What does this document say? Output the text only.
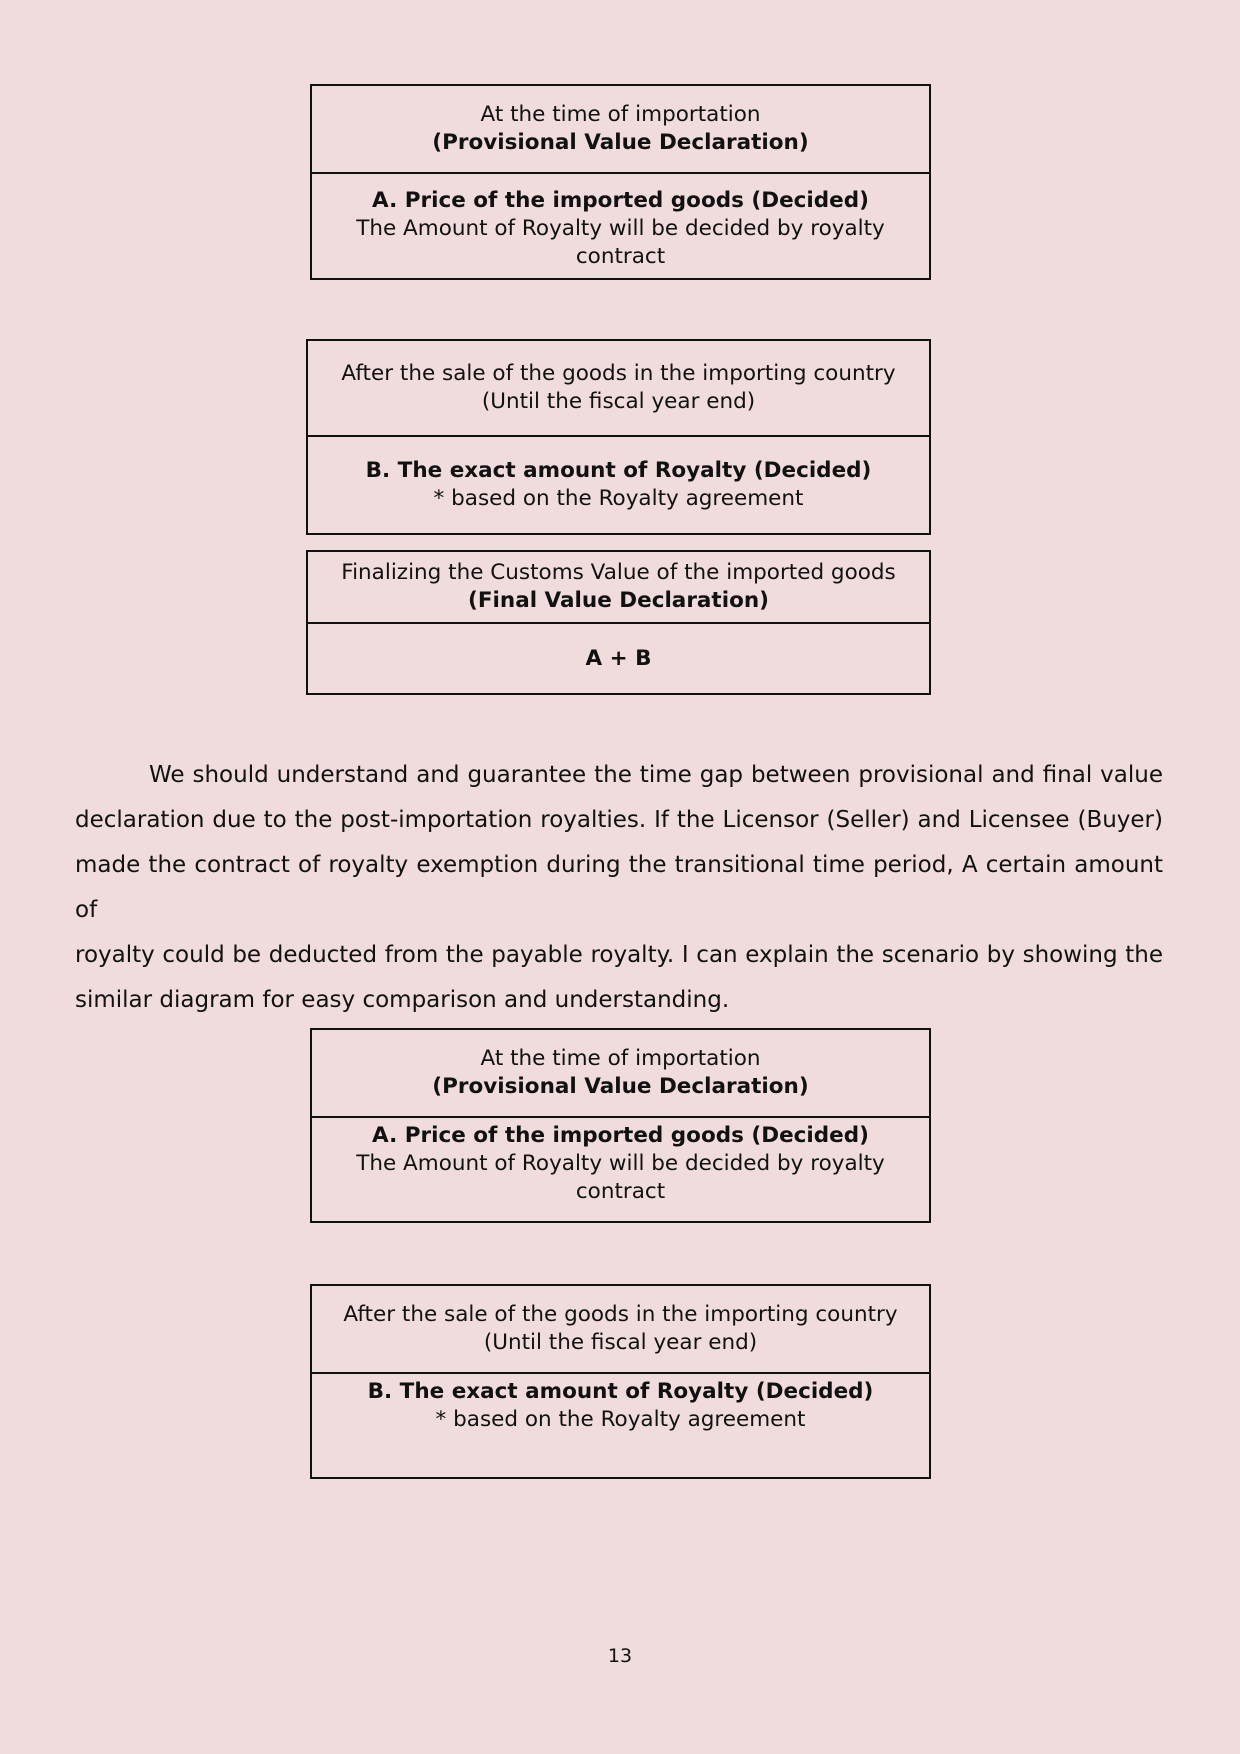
At the time of importation
(Provisional Value Declaration)
A. Price of the imported goods (Decided)
The Amount of Royalty will be decided by royalty contract
After the sale of the goods in the importing country
(Until the fiscal year end)
B. The exact amount of Royalty (Decided)
* based on the Royalty agreement
Finalizing the Customs Value of the imported goods
(Final Value Declaration)
A + B
We should understand and guarantee the time gap between provisional and final value
declaration due to the post-importation royalties. If the Licensor (Seller) and Licensee (Buyer)
made the contract of royalty exemption during the transitional time period, A certain amount of
royalty could be deducted from the payable royalty. I can explain the scenario by showing the
similar diagram for easy comparison and understanding.
At the time of importation
(Provisional Value Declaration)
A. Price of the imported goods (Decided)
The Amount of Royalty will be decided by royalty contract
After the sale of the goods in the importing country
(Until the fiscal year end)
B. The exact amount of Royalty (Decided)
* based on the Royalty agreement
13
